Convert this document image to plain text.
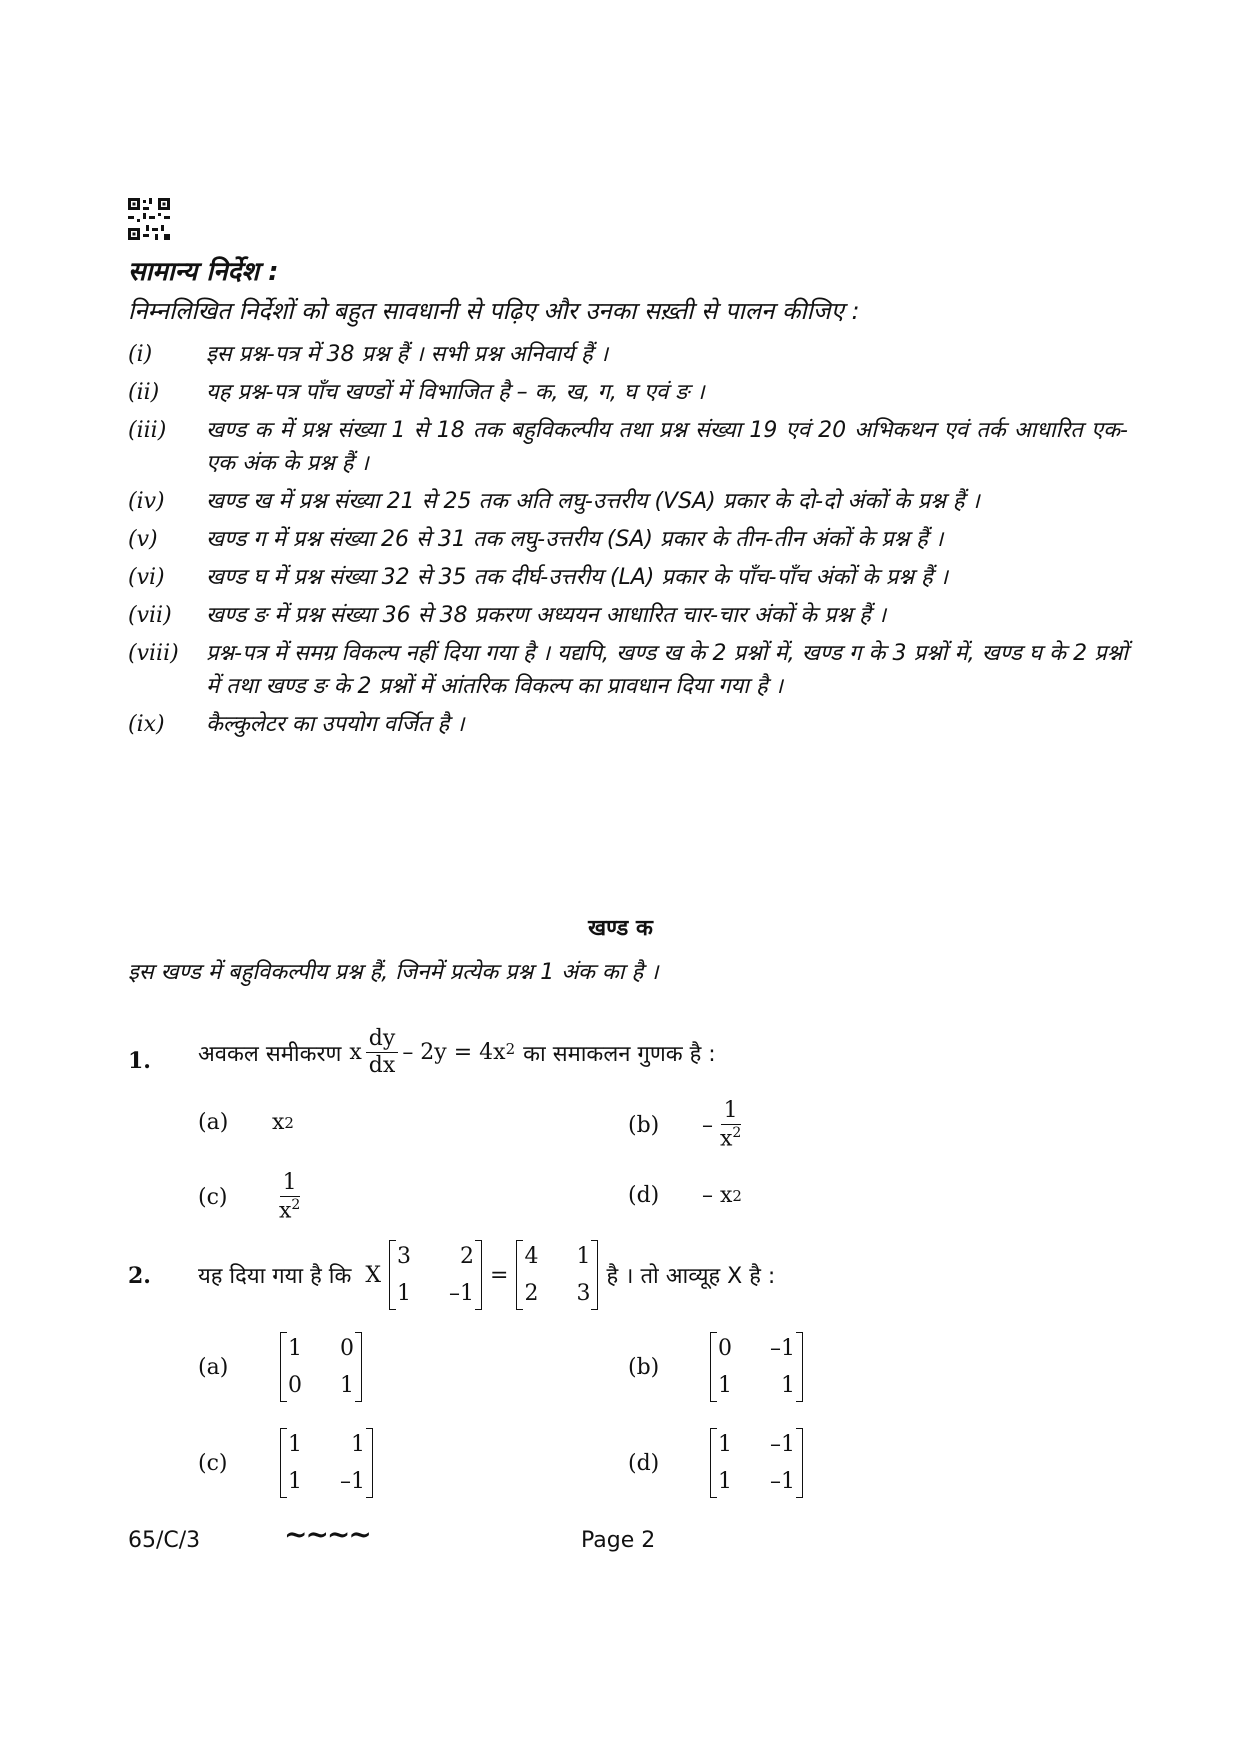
सामान्य निर्देश :
निम्नलिखित निर्देशों को बहुत सावधानी से पढ़िए और उनका सख़्ती से पालन कीजिए :
(i)	इस प्रश्न-पत्र में 38 प्रश्न हैं । सभी प्रश्न अनिवार्य हैं ।
(ii)	यह प्रश्न-पत्र पाँच खण्डों में विभाजित है – क, ख, ग, घ एवं ङ ।
(iii)	खण्ड क में प्रश्न संख्या 1 से 18 तक बहुविकल्पीय तथा प्रश्न संख्या 19 एवं 20 अभिकथन एवं तर्क आधारित एक-एक अंक के प्रश्न हैं ।
(iv)	खण्ड ख में प्रश्न संख्या 21 से 25 तक अति लघु-उत्तरीय (VSA) प्रकार के दो-दो अंकों के प्रश्न हैं ।
(v)	खण्ड ग में प्रश्न संख्या 26 से 31 तक लघु-उत्तरीय (SA) प्रकार के तीन-तीन अंकों के प्रश्न हैं ।
(vi)	खण्ड घ में प्रश्न संख्या 32 से 35 तक दीर्घ-उत्तरीय (LA) प्रकार के पाँच-पाँच अंकों के प्रश्न हैं ।
(vii)	खण्ड ङ में प्रश्न संख्या 36 से 38 प्रकरण अध्ययन आधारित चार-चार अंकों के प्रश्न हैं ।
(viii)	प्रश्न-पत्र में समग्र विकल्प नहीं दिया गया है । यद्यपि, खण्ड ख के 2 प्रश्नों में, खण्ड ग के 3 प्रश्नों में, खण्ड घ के 2 प्रश्नों में तथा खण्ड ङ के 2 प्रश्नों में आंतरिक विकल्प का प्रावधान दिया गया है ।
(ix)	कैल्कुलेटर का उपयोग वर्जित है ।
खण्ड क
इस खण्ड में बहुविकल्पीय प्रश्न हैं, जिनमें प्रत्येक प्रश्न 1 अंक का है ।
1. अवकल समीकरण x $\frac{dy}{dx} - 2y = 4x$ 2 का समाकलन गुणक है :
(a)	x 2	(b)	– $\frac{1}{x^2}$
(c)	$\frac{1}{x^2}$	(d)	– x 2
2. यह दिया गया है कि X
3	2
1 –1
=
4 1
2 3
है । तो आव्यूह X है :
(a)
1 0
0 1
(b)
0 –1
1	1
(c)
1	1
1 –1
(d)
1 –1
1 –1
65/C/3	~~~~	Page 2
